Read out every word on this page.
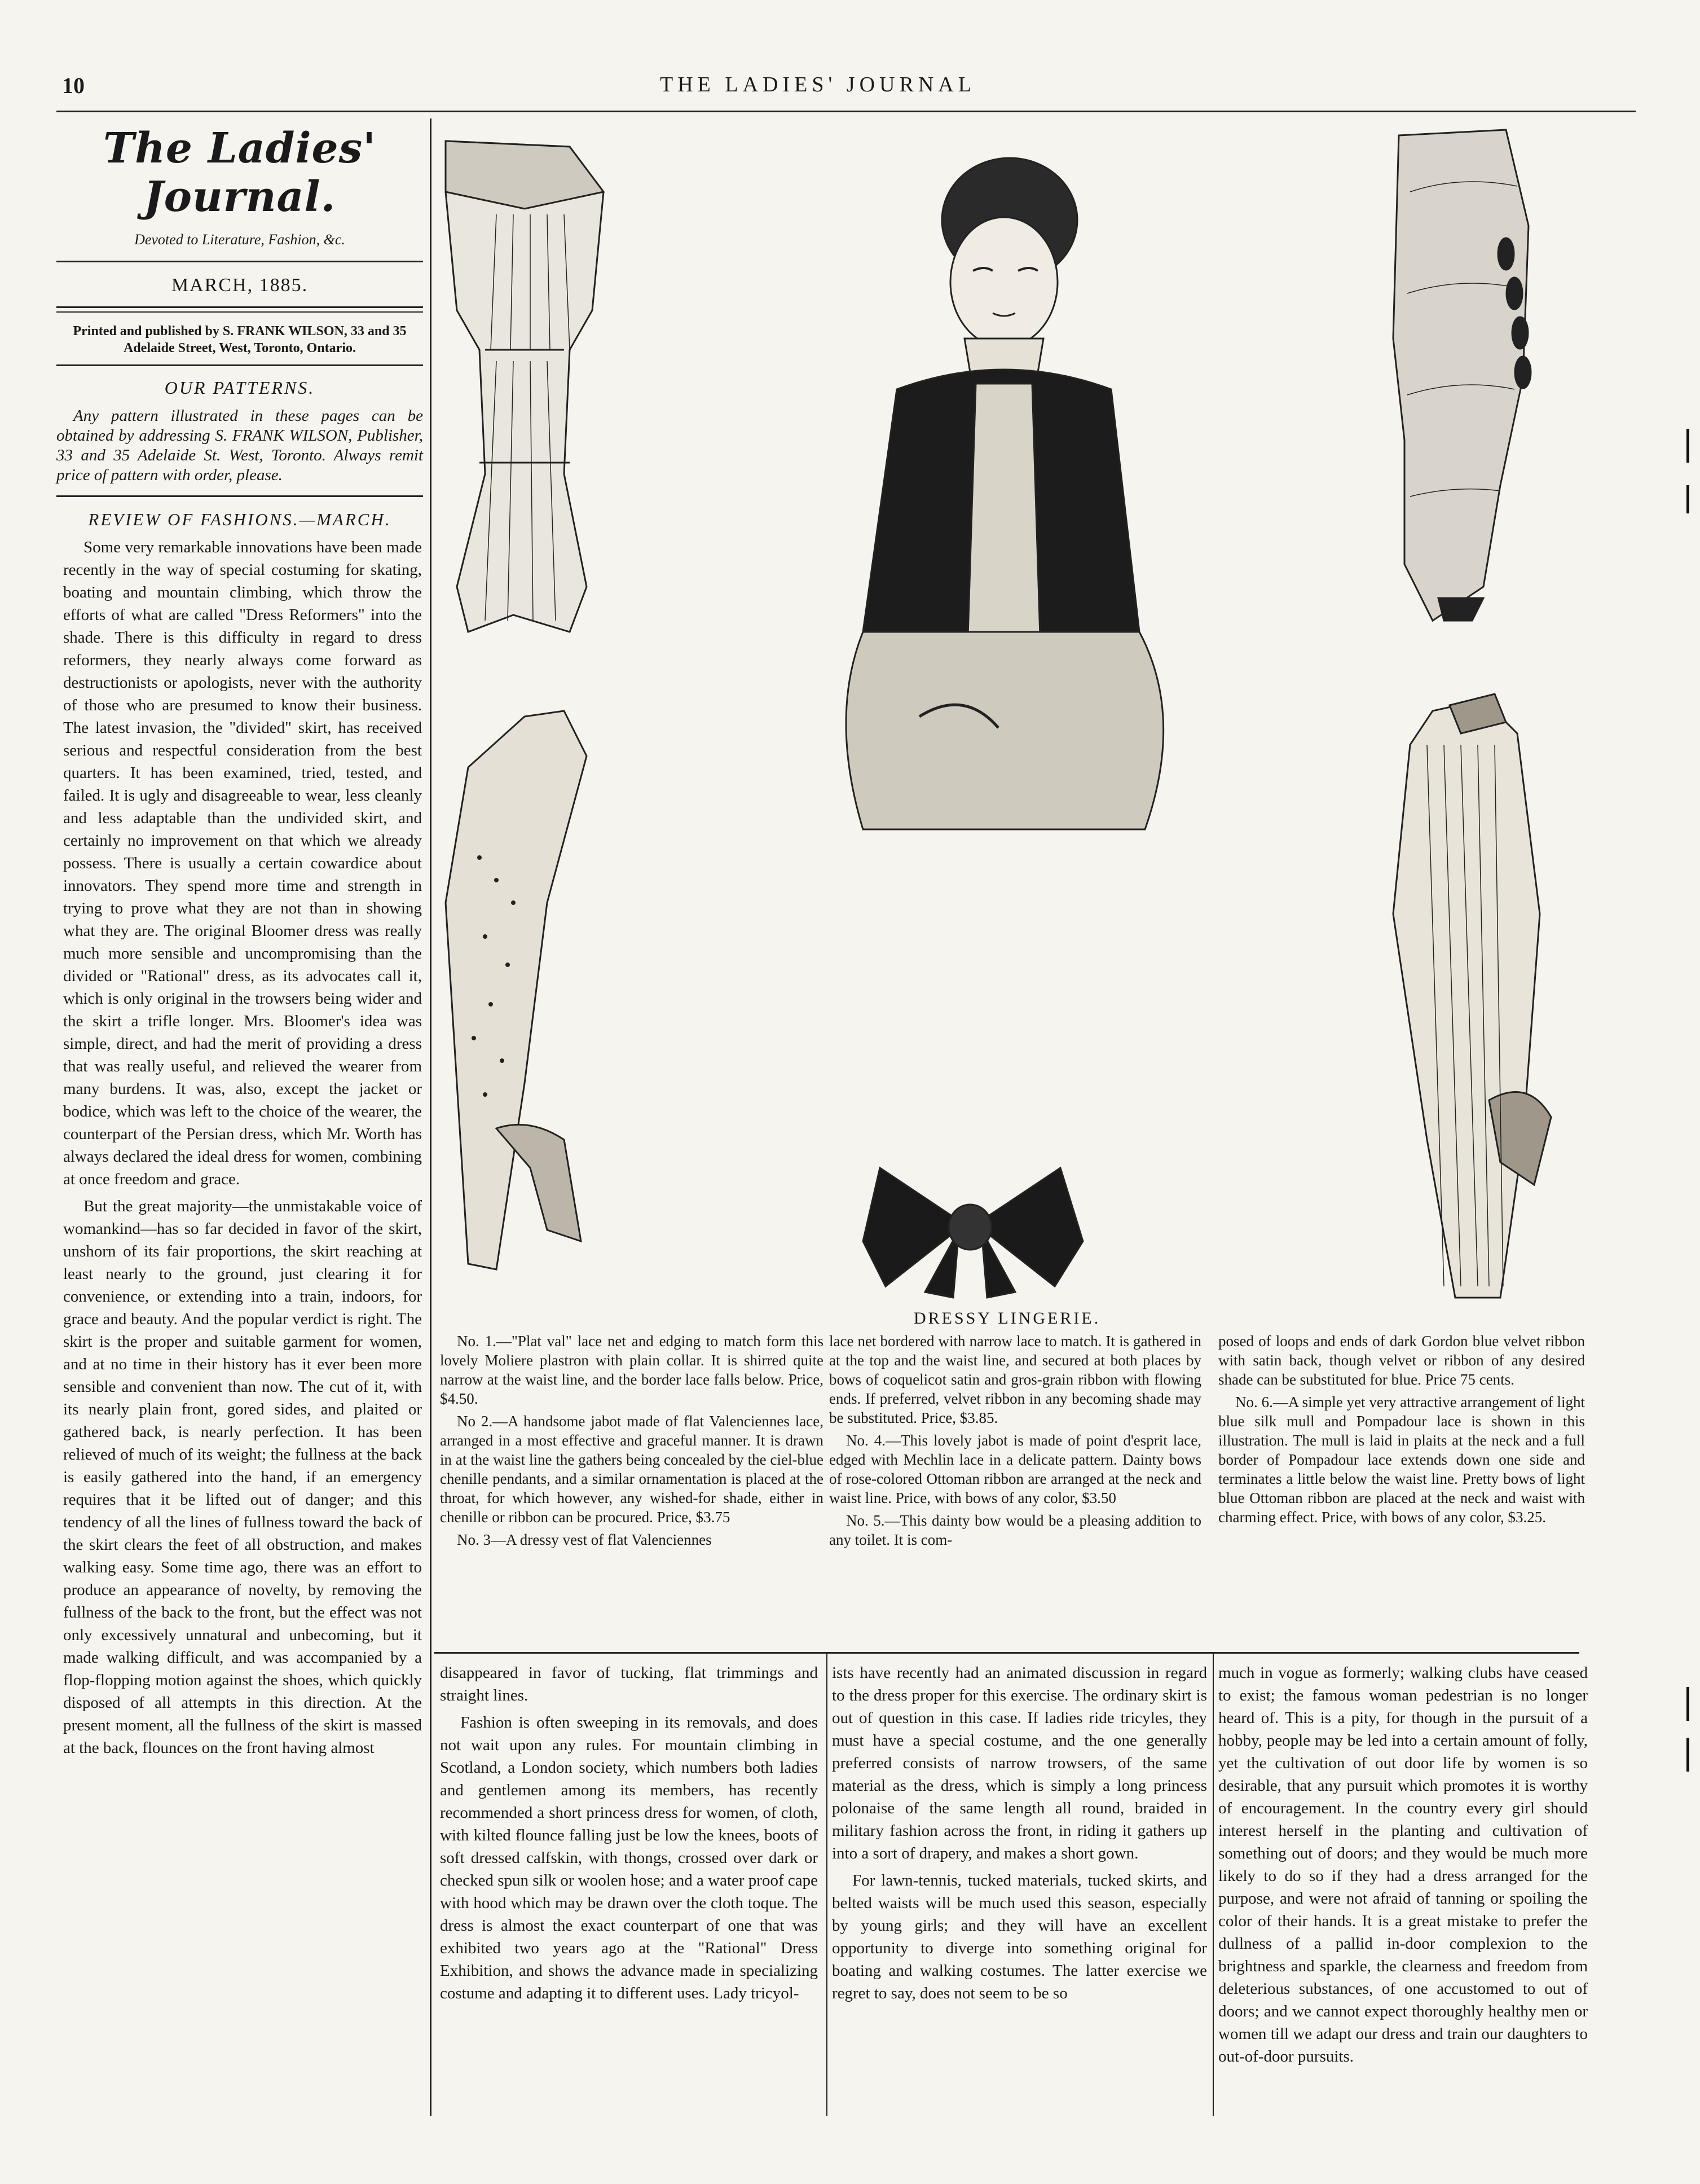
10	THE LADIES' JOURNAL
The Ladies' Journal.
Devoted to Literature, Fashion, &c.
MARCH, 1885.
Printed and published by S. FRANK WILSON, 33 and 35 Adelaide Street, West, Toronto, Ontario.
OUR PATTERNS.
Any pattern illustrated in these pages can be obtained by addressing S. FRANK WILSON, Publisher, 33 and 35 Adelaide St. West, Toronto. Always remit price of pattern with order, please.
REVIEW OF FASHIONS.—MARCH.

Some very remarkable innovations have been made recently in the way of special costuming for skating, boating and mountain climbing, which throw the efforts of what are called "Dress Reformers" into the shade. There is this difficulty in regard to dress reformers, they nearly always come forward as destructionists or apologists, never with the authority of those who are presumed to know their business. The latest invasion, the "divided" skirt, has received serious and respectful consideration from the best quarters. It has been examined, tried, tested, and failed. It is ugly and disagreeable to wear, less cleanly and less adaptable than the undivided skirt, and certainly no improvement on that which we already possess. There is usually a certain cowardice about innovators. They spend more time and strength in trying to prove what they are not than in showing what they are. The original Bloomer dress was really much more sensible and uncompromising than the divided or "Rational" dress, as its advocates call it, which is only original in the trowsers being wider and the skirt a trifle longer. Mrs. Bloomer's idea was simple, direct, and had the merit of providing a dress that was really useful, and relieved the wearer from many burdens. It was, also, except the jacket or bodice, which was left to the choice of the wearer, the counterpart of the Persian dress, which Mr. Worth has always declared the ideal dress for women, combining at once freedom and grace.

But the great majority—the unmistakable voice of womankind—has so far decided in favor of the skirt, unshorn of its fair proportions, the skirt reaching at least nearly to the ground, just clearing it for convenience, or extending into a train, indoors, for grace and beauty. And the popular verdict is right. The skirt is the proper and suitable garment for women, and at no time in their history has it ever been more sensible and convenient than now. The cut of it, with its nearly plain front, gored sides, and plaited or gathered back, is nearly perfection. It has been relieved of much of its weight; the fullness at the back is easily gathered into the hand, if an emergency requires that it be lifted out of danger; and this tendency of all the lines of fullness toward the back of the skirt clears the feet of all obstruction, and makes walking easy. Some time ago, there was an effort to produce an appearance of novelty, by removing the fullness of the back to the front, but the effect was not only excessively unnatural and unbecoming, but it made walking difficult, and was accompanied by a flop-flopping motion against the shoes, which quickly disposed of all attempts in this direction. At the present moment, all the fullness of the skirt is massed at the back, flounces on the front having almost

DRESSY LINGERIE.

No. 1.—"Plat val" lace net and edging to match form this lovely Moliere plastron with plain collar. It is shirred quite narrow at the waist line, and the border lace falls below. Price, $4.50.

No 2.—A handsome jabot made of flat Valenciennes lace, arranged in a most effective and graceful manner. It is drawn in at the waist line the gathers being concealed by the ciel-blue chenille pendants, and a similar ornamentation is placed at the throat, for which however, any wished-for shade, either in chenille or ribbon can be procured. Price, $3.75

No. 3—A dressy vest of flat Valenciennes

lace net bordered with narrow lace to match. It is gathered in at the top and the waist line, and secured at both places by bows of coquelicot satin and gros-grain ribbon with flowing ends. If preferred, velvet ribbon in any becoming shade may be substituted. Price, $3.85.

No. 4.—This lovely jabot is made of point d'esprit lace, edged with Mechlin lace in a delicate pattern. Dainty bows of rose-colored Ottoman ribbon are arranged at the neck and waist line. Price, with bows of any color, $3.50

No. 5.—This dainty bow would be a pleasing addition to any toilet. It is com-

posed of loops and ends of dark Gordon blue velvet ribbon with satin back, though velvet or ribbon of any desired shade can be substituted for blue. Price 75 cents.

No. 6.—A simple yet very attractive arrangement of light blue silk mull and Pompadour lace is shown in this illustration. The mull is laid in plaits at the neck and a full border of Pompadour lace extends down one side and terminates a little below the waist line. Pretty bows of light blue Ottoman ribbon are placed at the neck and waist with charming effect. Price, with bows of any color, $3.25.

disappeared in favor of tucking, flat trimmings and straight lines.

Fashion is often sweeping in its removals, and does not wait upon any rules. For mountain climbing in Scotland, a London society, which numbers both ladies and gentlemen among its members, has recently recommended a short princess dress for women, of cloth, with kilted flounce falling just be low the knees, boots of soft dressed calfskin, with thongs, crossed over dark or checked spun silk or woolen hose; and a water proof cape with hood which may be drawn over the cloth toque. The dress is almost the exact counterpart of one that was exhibited two years ago at the "Rational" Dress Exhibition, and shows the advance made in specializing costume and adapting it to different uses. Lady tricyol-

ists have recently had an animated discussion in regard to the dress proper for this exercise. The ordinary skirt is out of question in this case. If ladies ride tricyles, they must have a special costume, and the one generally preferred consists of narrow trowsers, of the same material as the dress, which is simply a long princess polonaise of the same length all round, braided in military fashion across the front, in riding it gathers up into a sort of drapery, and makes a short gown.

For lawn-tennis, tucked materials, tucked skirts, and belted waists will be much used this season, especially by young girls; and they will have an excellent opportunity to diverge into something original for boating and walking costumes. The latter exercise we regret to say, does not seem to be so

much in vogue as formerly; walking clubs have ceased to exist; the famous woman pedestrian is no longer heard of. This is a pity, for though in the pursuit of a hobby, people may be led into a certain amount of folly, yet the cultivation of out door life by women is so desirable, that any pursuit which promotes it is worthy of encouragement. In the country every girl should interest herself in the planting and cultivation of something out of doors; and they would be much more likely to do so if they had a dress arranged for the purpose, and were not afraid of tanning or spoiling the color of their hands. It is a great mistake to prefer the dullness of a pallid in-door complexion to the brightness and sparkle, the clearness and freedom from deleterious substances, of one accustomed to out of doors; and we cannot expect thoroughly healthy men or women till we adapt our dress and train our daughters to out-of-door pursuits.
